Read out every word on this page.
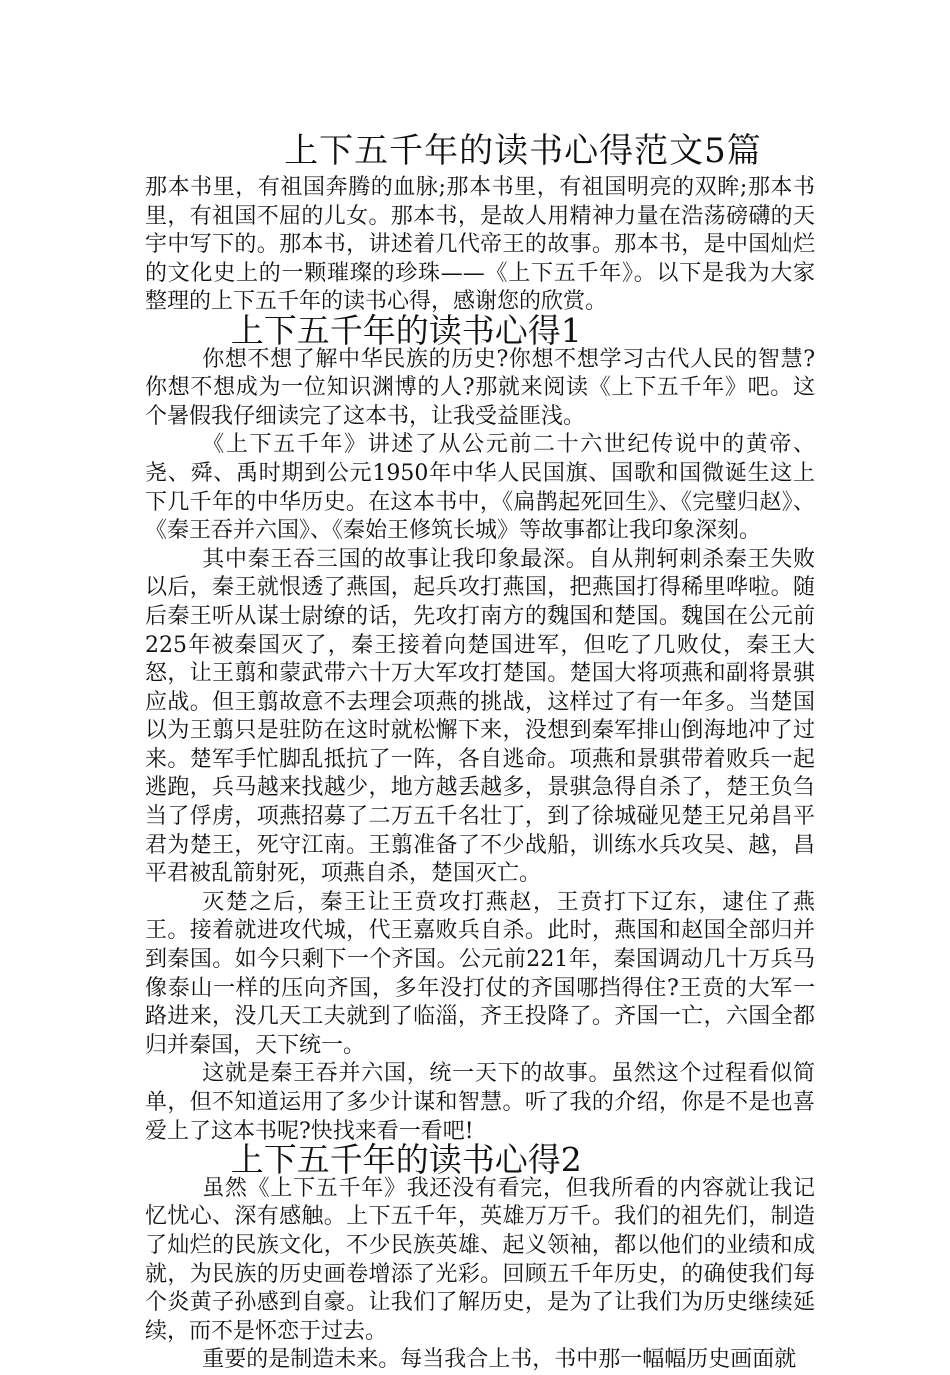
上下五千年的读书心得范文5篇

那本书里，有祖国奔腾的血脉;那本书里，有祖国明亮的双眸;那本书里，有祖国不屈的儿女。那本书，是故人用精神力量在浩荡磅礴的天宇中写下的。那本书，讲述着几代帝王的故事。那本书，是中国灿烂的文化史上的一颗璀璨的珍珠——《上下五千年》。以下是我为大家整理的上下五千年的读书心得，感谢您的欣赏。

上下五千年的读书心得1

你想不想了解中华民族的历史?你想不想学习古代人民的智慧?你想不想成为一位知识渊博的人?那就来阅读《上下五千年》吧。这个暑假我仔细读完了这本书，让我受益匪浅。

《上下五千年》讲述了从公元前二十六世纪传说中的黄帝、尧、舜、禹时期到公元1950年中华人民国旗、国歌和国微诞生这上下几千年的中华历史。在这本书中，《扁鹊起死回生》、《完璧归赵》、《秦王吞并六国》、《秦始王修筑长城》等故事都让我印象深刻。

其中秦王吞三国的故事让我印象最深。自从荆轲刺杀秦王失败以后，秦王就恨透了燕国，起兵攻打燕国，把燕国打得稀里哗啦。随后秦王听从谋士尉缭的话，先攻打南方的魏国和楚国。魏国在公元前225年被秦国灭了，秦王接着向楚国进军，但吃了几败仗，秦王大怒，让王翦和蒙武带六十万大军攻打楚国。楚国大将项燕和副将景骐应战。但王翦故意不去理会项燕的挑战，这样过了有一年多。当楚国以为王翦只是驻防在这时就松懈下来，没想到秦军排山倒海地冲了过来。楚军手忙脚乱抵抗了一阵，各自逃命。项燕和景骐带着败兵一起逃跑，兵马越来找越少，地方越丢越多，景骐急得自杀了，楚王负刍当了俘虏，项燕招募了二万五千名壮丁，到了徐城碰见楚王兄弟昌平君为楚王，死守江南。王翦准备了不少战船，训练水兵攻吴、越，昌平君被乱箭射死，项燕自杀，楚国灭亡。

灭楚之后，秦王让王贲攻打燕赵，王贲打下辽东，逮住了燕王。接着就进攻代城，代王嘉败兵自杀。此时，燕国和赵国全部归并到秦国。如今只剩下一个齐国。公元前221年，秦国调动几十万兵马像泰山一样的压向齐国，多年没打仗的齐国哪挡得住?王贲的大军一路进来，没几天工夫就到了临淄，齐王投降了。齐国一亡，六国全都归并秦国，天下统一。

这就是秦王吞并六国，统一天下的故事。虽然这个过程看似简单，但不知道运用了多少计谋和智慧。听了我的介绍，你是不是也喜爱上了这本书呢?快找来看一看吧!

上下五千年的读书心得2

虽然《上下五千年》我还没有看完，但我所看的内容就让我记忆忧心、深有感触。上下五千年，英雄万万千。我们的祖先们，制造了灿烂的民族文化，不少民族英雄、起义领袖，都以他们的业绩和成就，为民族的历史画卷增添了光彩。回顾五千年历史，的确使我们每个炎黄子孙感到自豪。让我们了解历史，是为了让我们为历史继续延续，而不是怀恋于过去。

重要的是制造未来。每当我合上书，书中那一幅幅历史画面就
